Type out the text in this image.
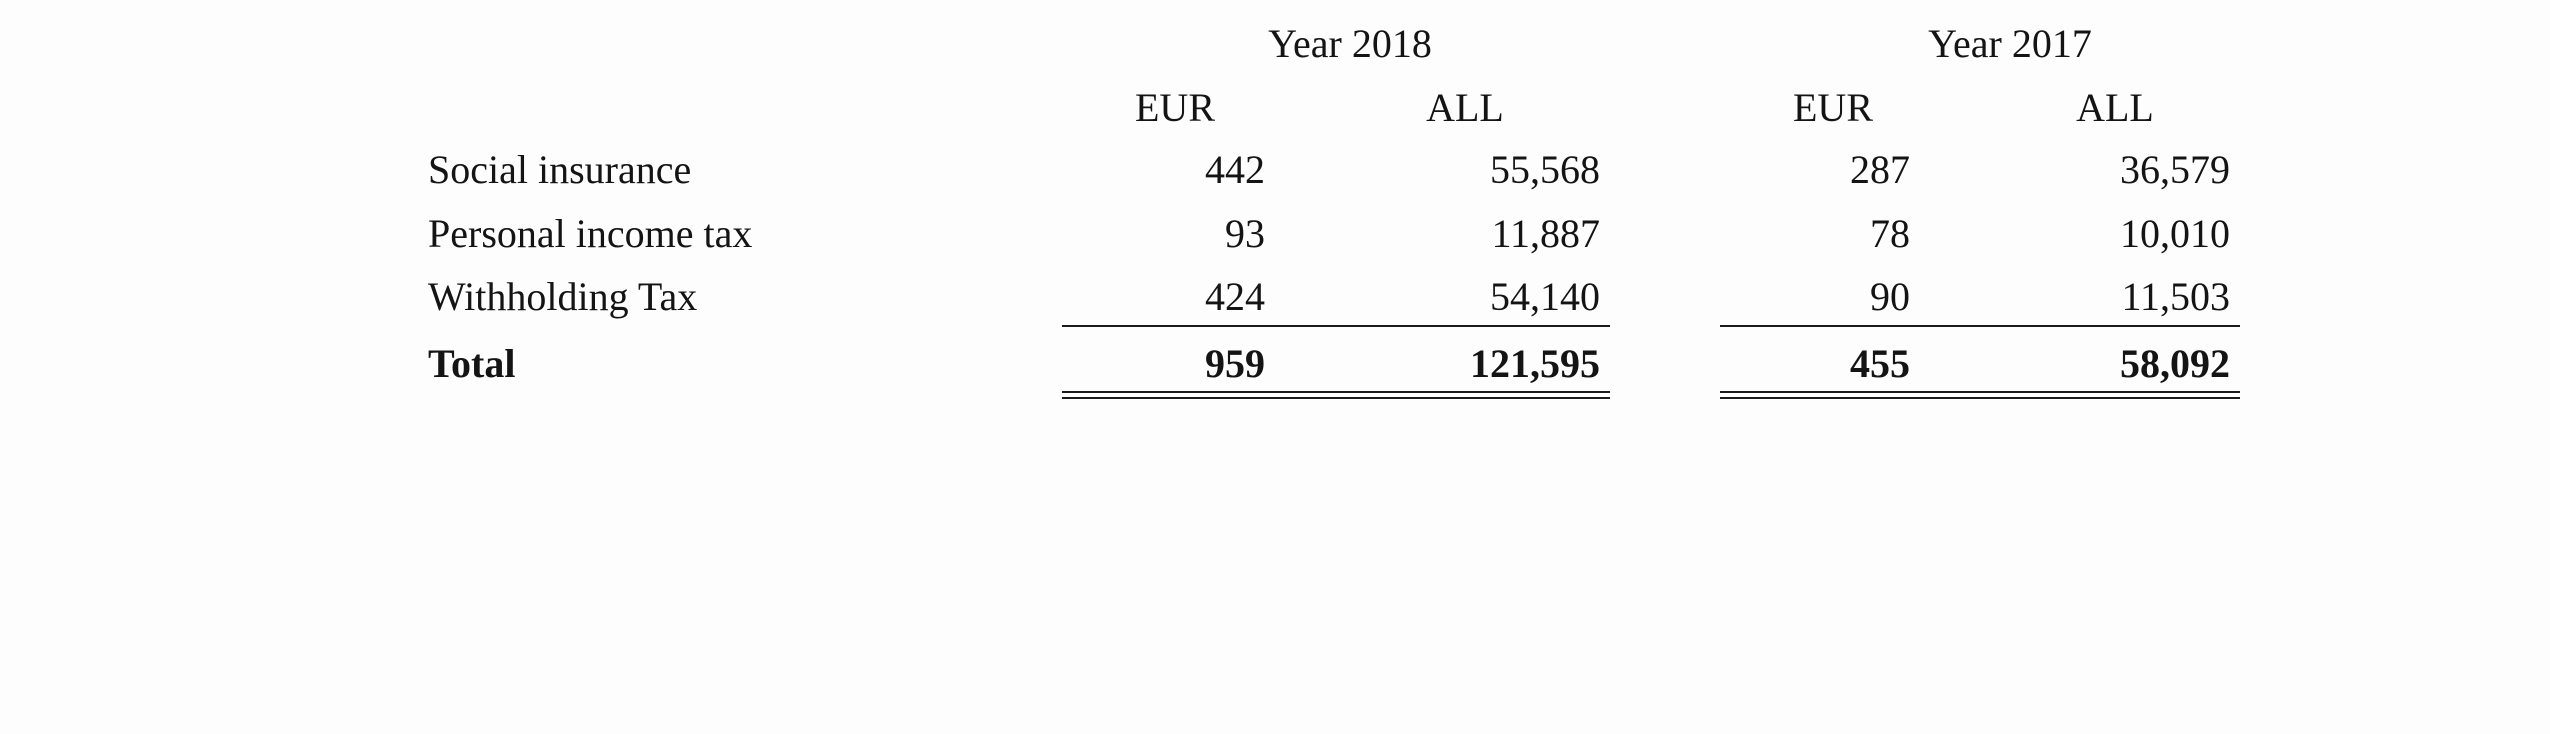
Year 2018	Year 2017
EUR	ALL	EUR	ALL
Social insurance	442	55,568	287	36,579
Personal income tax	93	11,887	78	10,010
Withholding Tax	424	54,140	90	11,503
Total	959	121,595	455	58,092
